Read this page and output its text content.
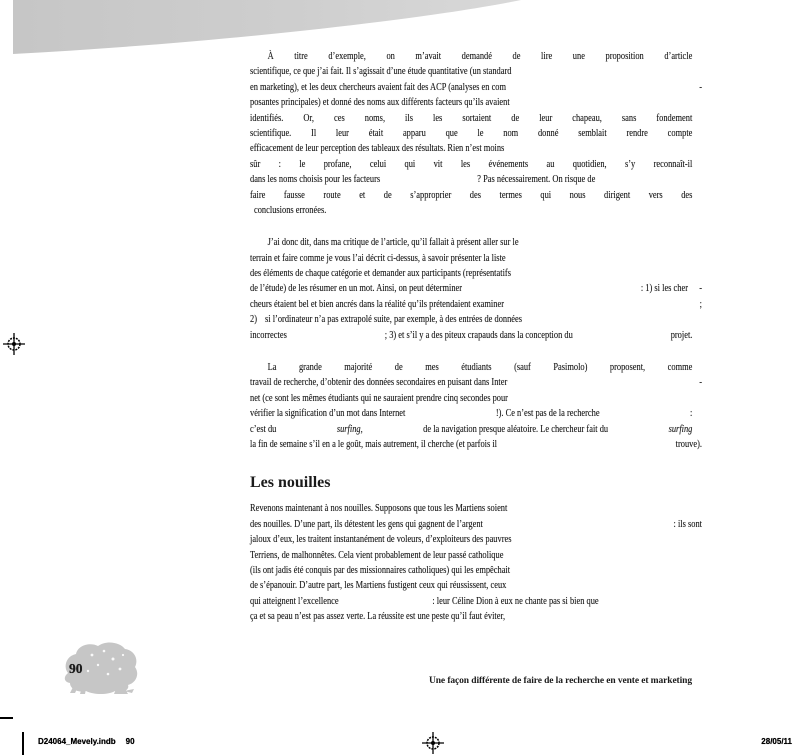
À titre d’exemple, on m’avait demandé de lire une proposition d’article
scientifique, ce que j’ai fait. Il s’agissait d’une étude quantitative (un standard
en marketing), et les deux chercheurs avaient fait des ACP (analyses en com	-
posantes principales) et donné des noms aux différents facteurs qu’ils avaient
identifiés. Or, ces noms, ils les sortaient de leur chapeau, sans fondement
scientifique. Il leur était apparu que le nom donné semblait rendre compte
efficacement de leur perception des tableaux des résultats. Rien n’est moins
sûr : le profane, celui qui vit les événements au quotidien, s’y reconnaît-il
dans les noms choisis pour les facteurs	? Pas nécessairement. On risque de
faire fausse route et de s’approprier des termes qui nous dirigent vers des
conclusions erronées.
J’ai donc dit, dans ma critique de l’article, qu’il fallait à présent aller sur le
terrain et faire comme je vous l’ai décrit ci-dessus, à savoir présenter la liste
des éléments de chaque catégorie et demander aux participants (représentatifs
de l’étude) de les résumer en un mot. Ainsi, on peut déterminer	: 1) si les cher -
cheurs étaient bel et bien ancrés dans la réalité qu’ils prétendaient examiner	;
2) si l’ordinateur n’a pas extrapolé suite, par exemple, à des entrées de données
incorrectes	; 3) et s’il y a des piteux crapauds dans la conception du	projet.
La grande majorité de mes étudiants (sauf Pasimolo) proposent, comme
travail de recherche, d’obtenir des données secondaires en puisant dans Inter	-
net (ce sont les mêmes étudiants qui ne sauraient prendre cinq secondes pour
vérifier la signification d’un mot dans Internet	!). Ce n’est pas de la recherche	:
c’est du	surfing,	de la navigation presque aléatoire. Le chercheur fait du	surfing
la fin de semaine s’il en a le goût, mais autrement, il cherche (et parfois il	trouve).
Les nouilles
Revenons maintenant à nos nouilles. Supposons que tous les Martiens soient
des nouilles. D’une part, ils détestent les gens qui gagnent de l’argent	: ils sont
jaloux d’eux, les traitent instantanément de voleurs, d’exploiteurs des pauvres
Terriens, de malhonnêtes. Cela vient probablement de leur passé catholique
(ils ont jadis été conquis par des missionnaires catholiques) qui les empêchait
de s’épanouir. D’autre part, les Martiens fustigent ceux qui réussissent, ceux
qui atteignent l’excellence	: leur Céline Dion à eux ne chante pas si bien que
ça et sa peau n’est pas assez verte. La réussite est une peste qu’il faut éviter,
90
Une façon différente de faire de la recherche en vente et marketing
D24064_Mevely.indb 90	28/05/11
